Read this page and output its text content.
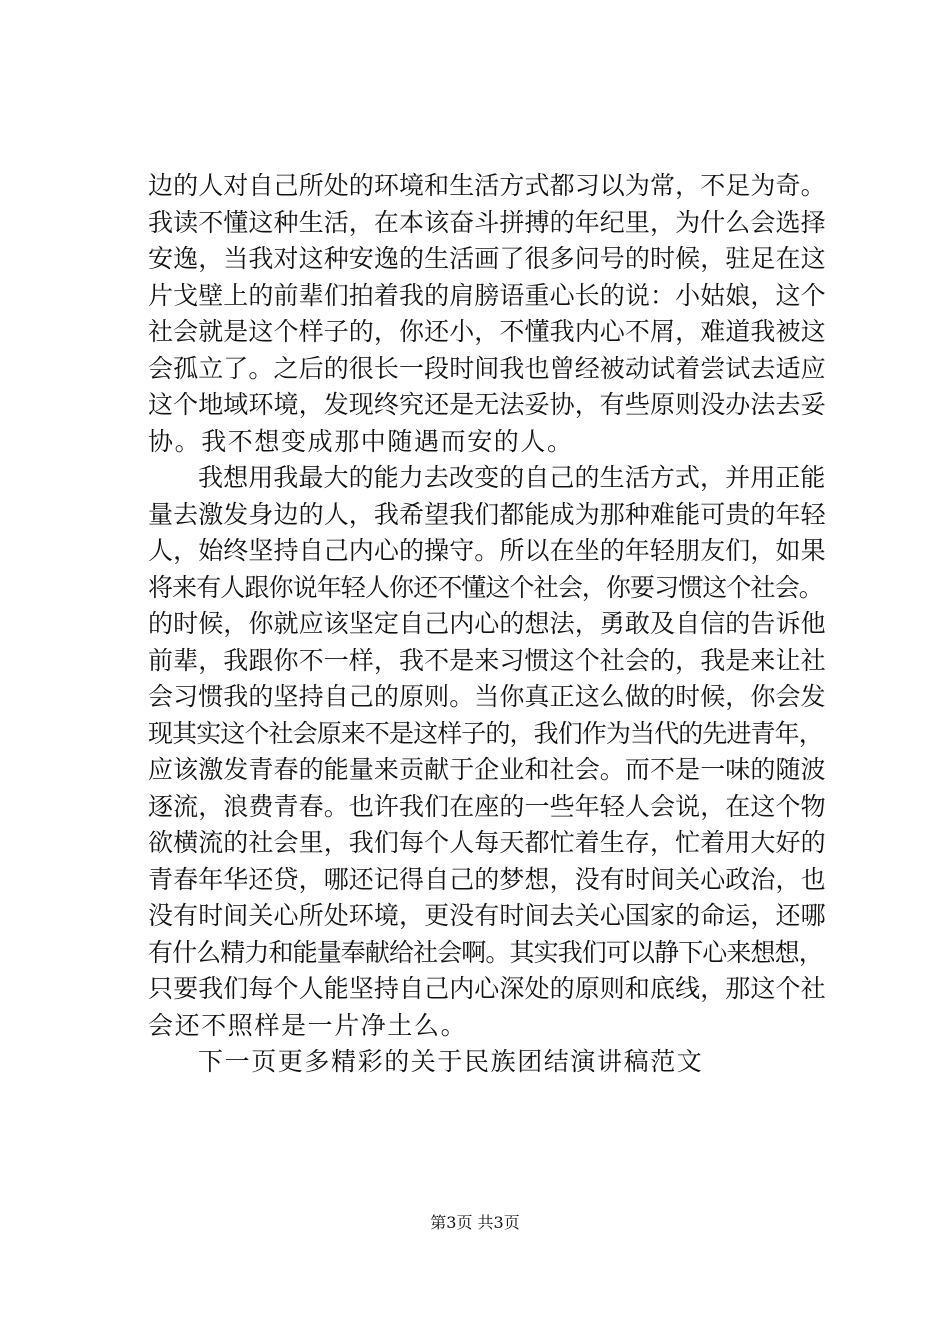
边的人对自己所处的环境和生活方式都习以为常，不足为奇。
我读不懂这种生活，在本该奋斗拼搏的年纪里，为什么会选择
安逸，当我对这种安逸的生活画了很多问号的时候，驻足在这
片戈壁上的前辈们拍着我的肩膀语重心长的说：小姑娘，这个
社会就是这个样子的，你还小，不懂我内心不屑，难道我被这
会孤立了。之后的很长一段时间我也曾经被动试着尝试去适应
这个地域环境，发现终究还是无法妥协，有些原则没办法去妥
协。我不想变成那中随遇而安的人。
我想用我最大的能力去改变的自己的生活方式，并用正能
量去激发身边的人，我希望我们都能成为那种难能可贵的年轻
人，始终坚持自己内心的操守。所以在坐的年轻朋友们，如果
将来有人跟你说年轻人你还不懂这个社会，你要习惯这个社会。
的时候，你就应该坚定自己内心的想法，勇敢及自信的告诉他
前辈，我跟你不一样，我不是来习惯这个社会的，我是来让社
会习惯我的坚持自己的原则。当你真正这么做的时候，你会发
现其实这个社会原来不是这样子的，我们作为当代的先进青年，
应该激发青春的能量来贡献于企业和社会。而不是一味的随波
逐流，浪费青春。也许我们在座的一些年轻人会说，在这个物
欲横流的社会里，我们每个人每天都忙着生存，忙着用大好的
青春年华还贷，哪还记得自己的梦想，没有时间关心政治，也
没有时间关心所处环境，更没有时间去关心国家的命运，还哪
有什么精力和能量奉献给社会啊。其实我们可以静下心来想想，
只要我们每个人能坚持自己内心深处的原则和底线，那这个社
会还不照样是一片净土么。
下一页更多精彩的关于民族团结演讲稿范文
第3页 共3页
